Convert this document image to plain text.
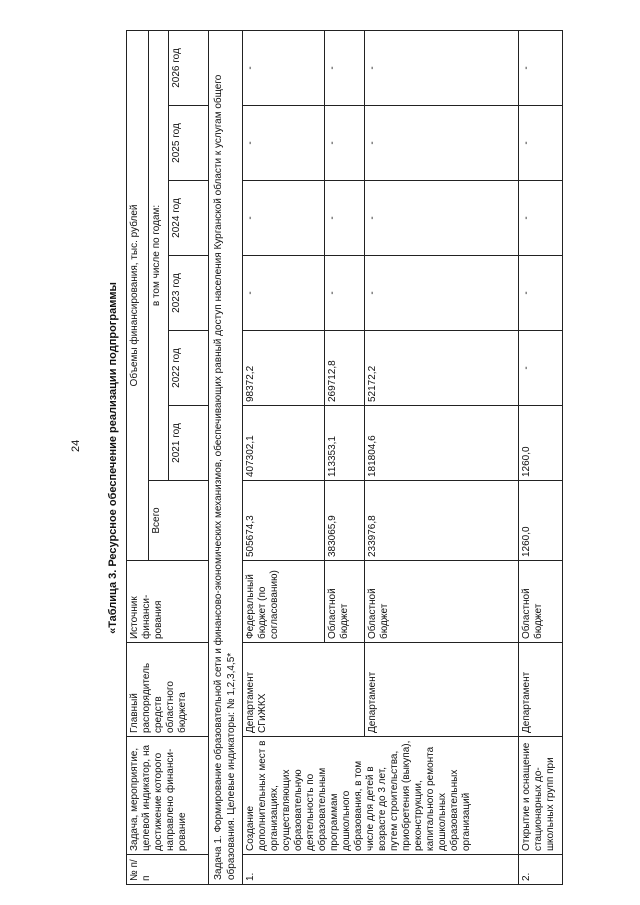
24	«Таблица 3. Ресурсное обеспечение реализации подпрограммы
№ п/п	Задача, мероприятие, целевой индикатор, на достижение которого направлено финанси-рование	Главный распорядитель средств областного бюджета	Источник финанси-рования	Объемы финансирования, тыс. рублей						
				Всего	в том числе по годам:					
					2021 год	2022 год	2023 год	2024 год	2025 год	2026 год
Задача 1. Формирование образовательной сети и финансово-экономических механизмов, обеспечивающих равный доступ населения Курганской области к услугам общего образования. Целевые индикаторы: № 1,2,3,4,5*										
1.	Создание дополнительных мест в организациях, осуществляющих образовательную деятельность по образовательным программам дошкольного образования, в том числе для детей в возрасте до 3 лет, путем строительства, приобретения (выкупа), реконструкции, капитального ремонта дошкольных образовательных организаций	Департамент СГиЖКХ	Федеральный бюджет (по согласованию)	505674,3	407302,1	98372,2	-	-	-	-
			Областной бюджет	383065,9	113353,1	269712,8	-	-	-	-
		Департамент	Областной бюджет	233976,8	181804,6	52172,2	-	-	-	-
2.	Открытие и оснащение стационарных до-школьных групп при	Департамент	Областной бюджет	1260,0	1260,0	-	-	-	-	-
